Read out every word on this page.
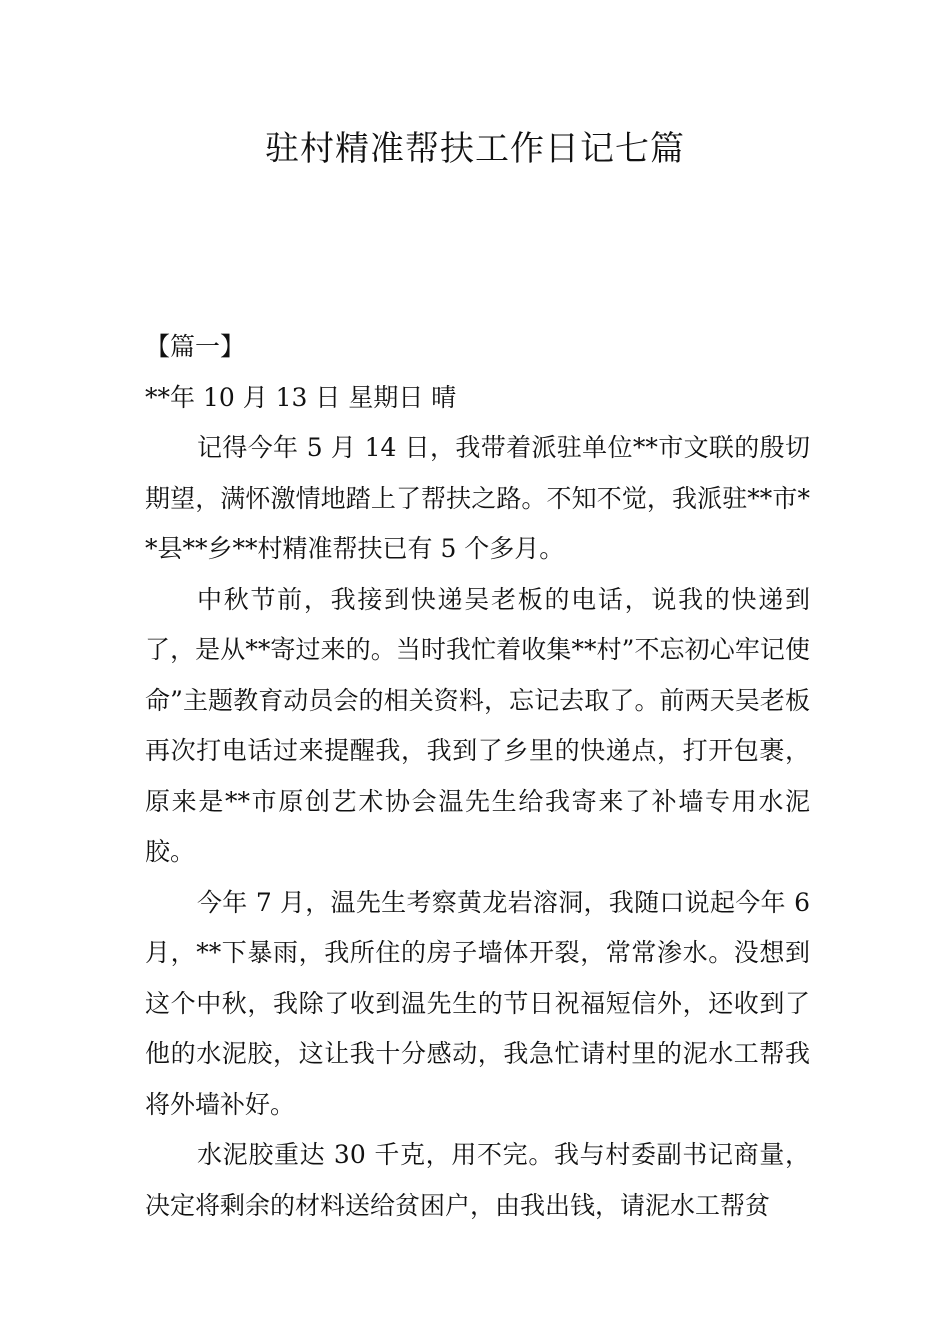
驻村精准帮扶工作日记七篇

【篇一】

**年 10 月 13 日 星期日 晴

记得今年 5 月 14 日，我带着派驻单位**市文联的殷切期望，满怀激情地踏上了帮扶之路。不知不觉，我派驻**市**县**乡**村精准帮扶已有 5 个多月。

中秋节前，我接到快递吴老板的电话，说我的快递到了，是从**寄过来的。当时我忙着收集**村”不忘初心牢记使命”主题教育动员会的相关资料，忘记去取了。前两天吴老板再次打电话过来提醒我，我到了乡里的快递点，打开包裹，原来是**市原创艺术协会温先生给我寄来了补墙专用水泥胶。

今年 7 月，温先生考察黄龙岩溶洞，我随口说起今年 6 月，**下暴雨，我所住的房子墙体开裂，常常渗水。没想到这个中秋，我除了收到温先生的节日祝福短信外，还收到了他的水泥胶，这让我十分感动，我急忙请村里的泥水工帮我将外墙补好。

水泥胶重达 30 千克，用不完。我与村委副书记商量，决定将剩余的材料送给贫困户，由我出钱，请泥水工帮贫
